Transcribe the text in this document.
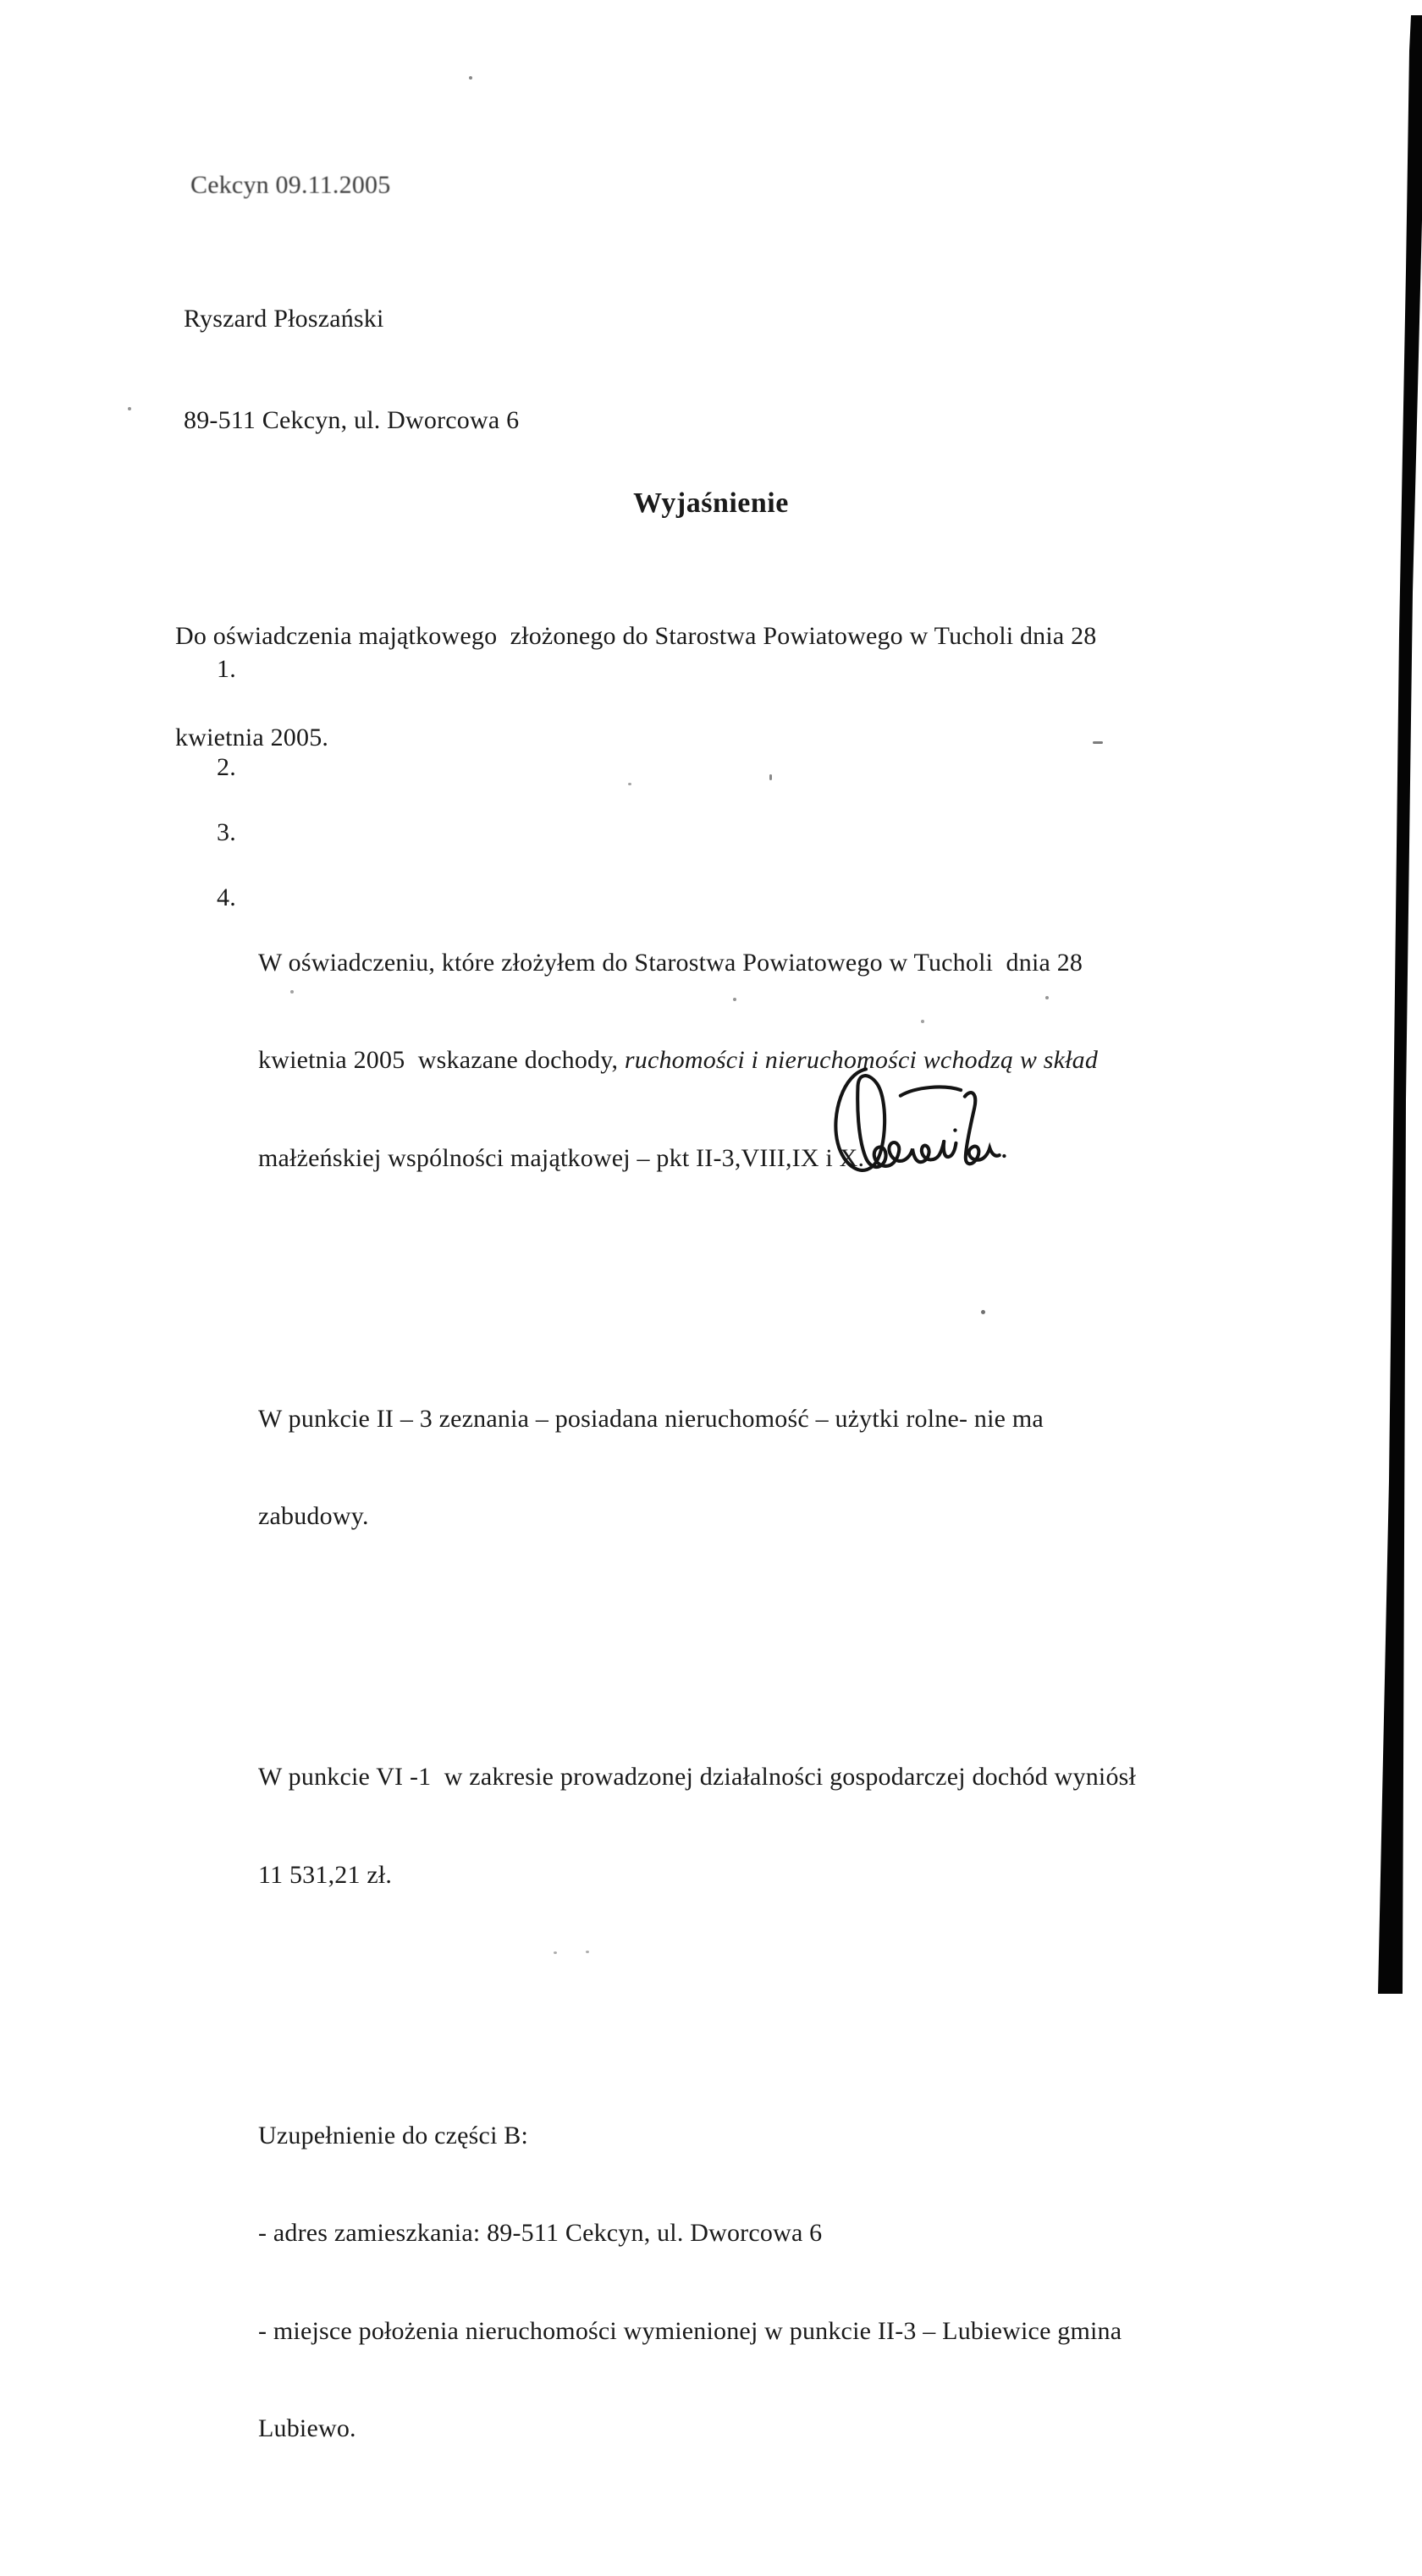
Cekcyn 09.11.2005

Ryszard Płoszański

89-511 Cekcyn, ul. Dworcowa 6

Wyjaśnienie

Do oświadczenia majątkowego  złożonego do Starostwa Powiatowego w Tucholi dnia 28

kwietnia 2005.

1.

2.

3.

4.

W oświadczeniu, które złożyłem do Starostwa Powiatowego w Tucholi  dnia 28

kwietnia 2005  wskazane dochody, ruchomości i nieruchomości wchodzą w skład

małżeńskiej wspólności majątkowej – pkt II-3,VIII,IX i X.

W punkcie II – 3 zeznania – posiadana nieruchomość – użytki rolne- nie ma

zabudowy.

W punkcie VI -1  w zakresie prowadzonej działalności gospodarczej dochód wyniósł

11 531,21 zł.

Uzupełnienie do części B:

- adres zamieszkania: 89-511 Cekcyn, ul. Dworcowa 6

- miejsce położenia nieruchomości wymienionej w punkcie II-3 – Lubiewice gmina

Lubiewo.
